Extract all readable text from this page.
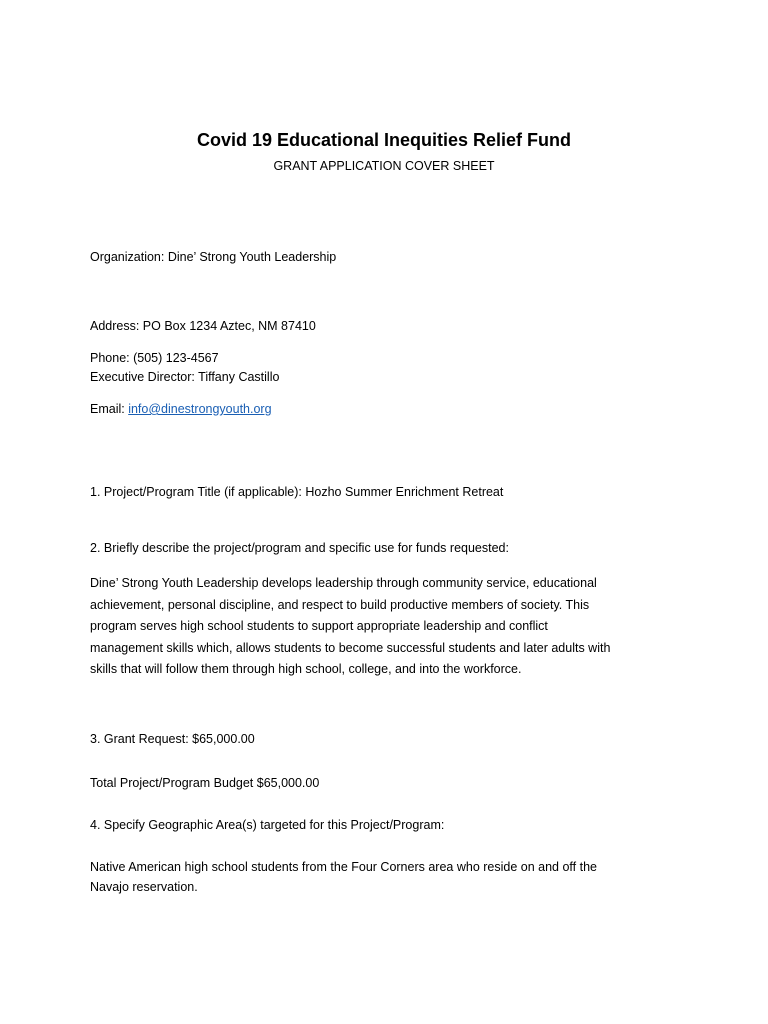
Covid 19 Educational Inequities Relief Fund
GRANT APPLICATION COVER SHEET
Organization: Dine’ Strong Youth Leadership
Address: PO Box 1234 Aztec, NM 87410
Phone: (505) 123-4567
Executive Director: Tiffany Castillo
Email: info@dinestrongyouth.org
1. Project/Program Title (if applicable): Hozho Summer Enrichment Retreat
2. Briefly describe the project/program and specific use for funds requested:
Dine’ Strong Youth Leadership develops leadership through community service, educational
achievement, personal discipline, and respect to build productive members of society. This
program serves high school students to support appropriate leadership and conflict
management skills which, allows students to become successful students and later adults with
skills that will follow them through high school, college, and into the workforce.
3. Grant Request: $65,000.00
Total Project/Program Budget $65,000.00
4. Specify Geographic Area(s) targeted for this Project/Program:
Native American high school students from the Four Corners area who reside on and off the
Navajo reservation.
